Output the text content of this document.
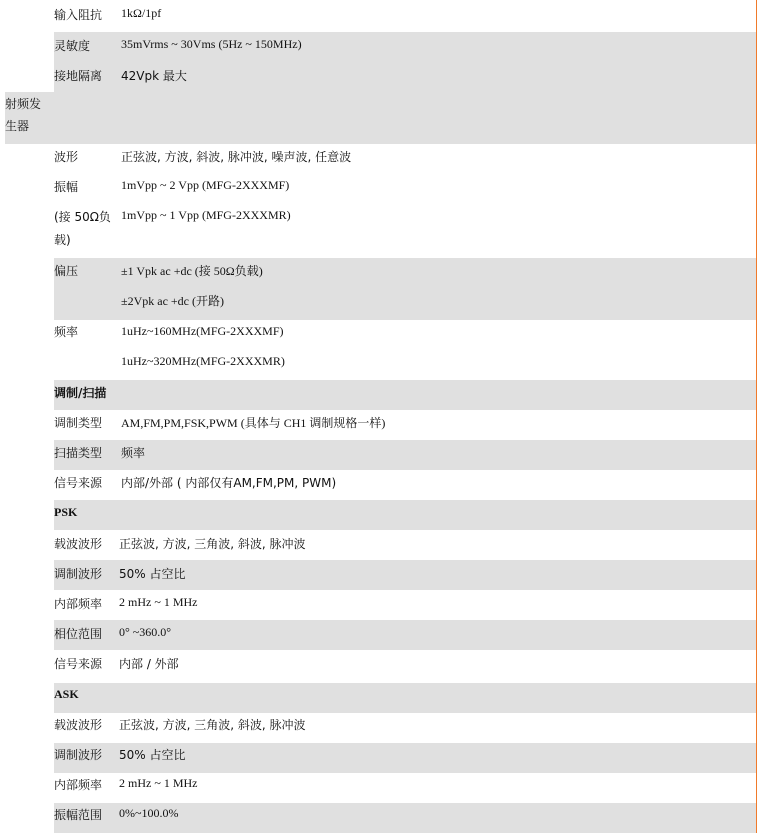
射频发
生器
输入阻抗 1kΩ/1pf
灵敏度	35mVrms ~ 30Vms (5Hz ~ 150MHz)
接地隔离 42Vpk 最大
波形	正弦波, 方波, 斜波, 脉冲波, 噪声波, 任意波
振幅	1mVpp ~ 2 Vpp (MFG-2XXXMF)
(接 50Ω负
载)
1mVpp ~ 1 Vpp (MFG-2XXXMR)
偏压	±1 Vpk ac +dc (接 50Ω负载)
±2Vpk ac +dc (开路)
频率	1uHz~160MHz(MFG-2XXXMF)
1uHz~320MHz(MFG-2XXXMR)
调制/扫描
调制类型 AM,FM,PM,FSK,PWM (具体与 CH1 调制规格一样)
扫描类型 频率
信号来源 内部/外部 ( 内部仅有AM,FM,PM, PWM)
PSK
载波波形 正弦波, 方波, 三角波, 斜波, 脉冲波
调制波形 50% 占空比
内部频率 2 mHz ~ 1 MHz
相位范围 0° ~360.0°
信号来源 内部 / 外部
ASK
载波波形 正弦波, 方波, 三角波, 斜波, 脉冲波
调制波形 50% 占空比
内部频率 2 mHz ~ 1 MHz
振幅范围 0%~100.0%
